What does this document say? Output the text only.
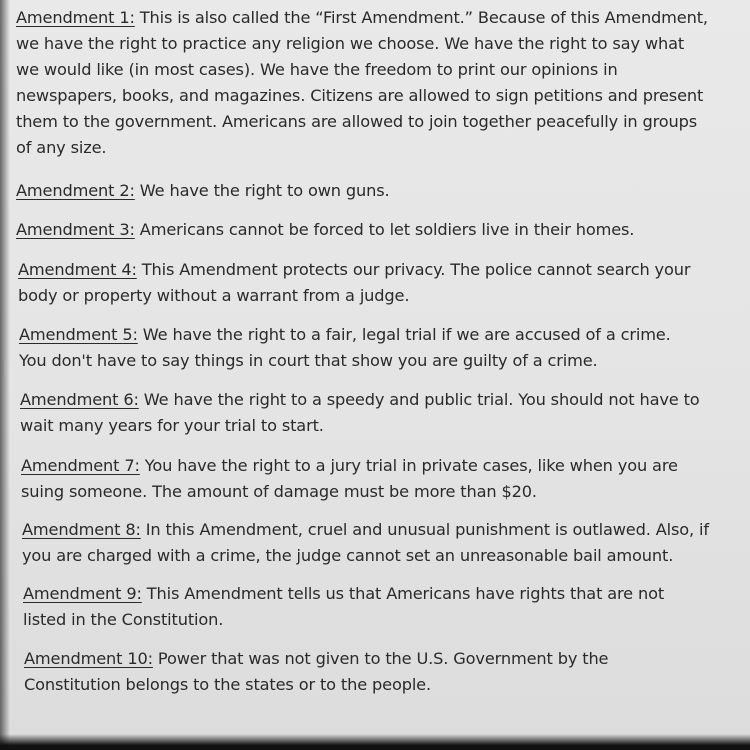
Amendment 1: This is also called the “First Amendment.” Because of this Amendment,
we have the right to practice any religion we choose. We have the right to say what
we would like (in most cases). We have the freedom to print our opinions in
newspapers, books, and magazines. Citizens are allowed to sign petitions and present
them to the government. Americans are allowed to join together peacefully in groups
of any size.
Amendment 2: We have the right to own guns.
Amendment 3: Americans cannot be forced to let soldiers live in their homes.
Amendment 4: This Amendment protects our privacy. The police cannot search your
body or property without a warrant from a judge.
Amendment 5: We have the right to a fair, legal trial if we are accused of a crime.
You don't have to say things in court that show you are guilty of a crime.
Amendment 6: We have the right to a speedy and public trial. You should not have to
wait many years for your trial to start.
Amendment 7: You have the right to a jury trial in private cases, like when you are
suing someone. The amount of damage must be more than $20.
Amendment 8: In this Amendment, cruel and unusual punishment is outlawed. Also, if
you are charged with a crime, the judge cannot set an unreasonable bail amount.
Amendment 9: This Amendment tells us that Americans have rights that are not
listed in the Constitution.
Amendment 10: Power that was not given to the U.S. Government by the
Constitution belongs to the states or to the people.
